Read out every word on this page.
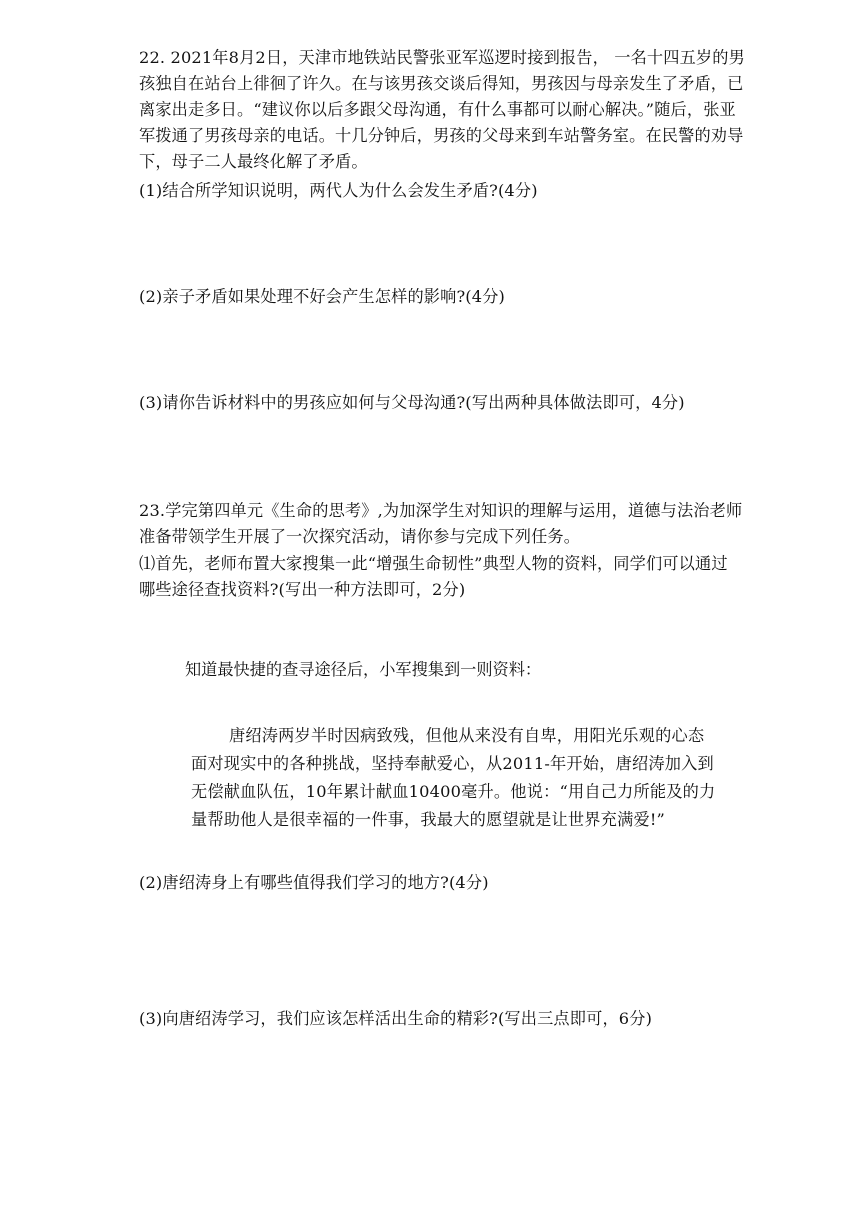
22. 2021年8月2日，天津市地铁站民警张亚军巡逻时接到报告， 一名十四五岁的男
孩独自在站台上徘徊了许久。在与该男孩交谈后得知，男孩因与母亲发生了矛盾，已
离家出走多日。“建议你以后多跟父母沟通，有什么事都可以耐心解决。”随后，张亚
军拨通了男孩母亲的电话。十几分钟后，男孩的父母来到车站警务室。在民警的劝导
下，母子二人最终化解了矛盾。
(1)结合所学知识说明，两代人为什么会发生矛盾?(4分)
(2)亲子矛盾如果处理不好会产生怎样的影响?(4分)
(3)请你告诉材料中的男孩应如何与父母沟通?(写出两种具体做法即可，4分)
23.学完第四单元《生命的思考》,为加深学生对知识的理解与运用，道德与法治老师
准备带领学生开展了一次探究活动，请你参与完成下列任务。
⑴首先，老师布置大家搜集一此“增强生命韧性”典型人物的资料，同学们可以通过
哪些途径查找资料?(写出一种方法即可，2分)
知道最快捷的查寻途径后，小军搜集到一则资料：
唐绍涛两岁半时因病致残，但他从来没有自卑，用阳光乐观的心态
面对现实中的各种挑战，坚持奉献爱心，从2011-年开始，唐绍涛加入到
无偿献血队伍，10年累计献血10400毫升。他说：“用自己力所能及的力
量帮助他人是很幸福的一件事，我最大的愿望就是让世界充满爱!”
(2)唐绍涛身上有哪些值得我们学习的地方?(4分)
(3)向唐绍涛学习，我们应该怎样活出生命的精彩?(写出三点即可，6分)
